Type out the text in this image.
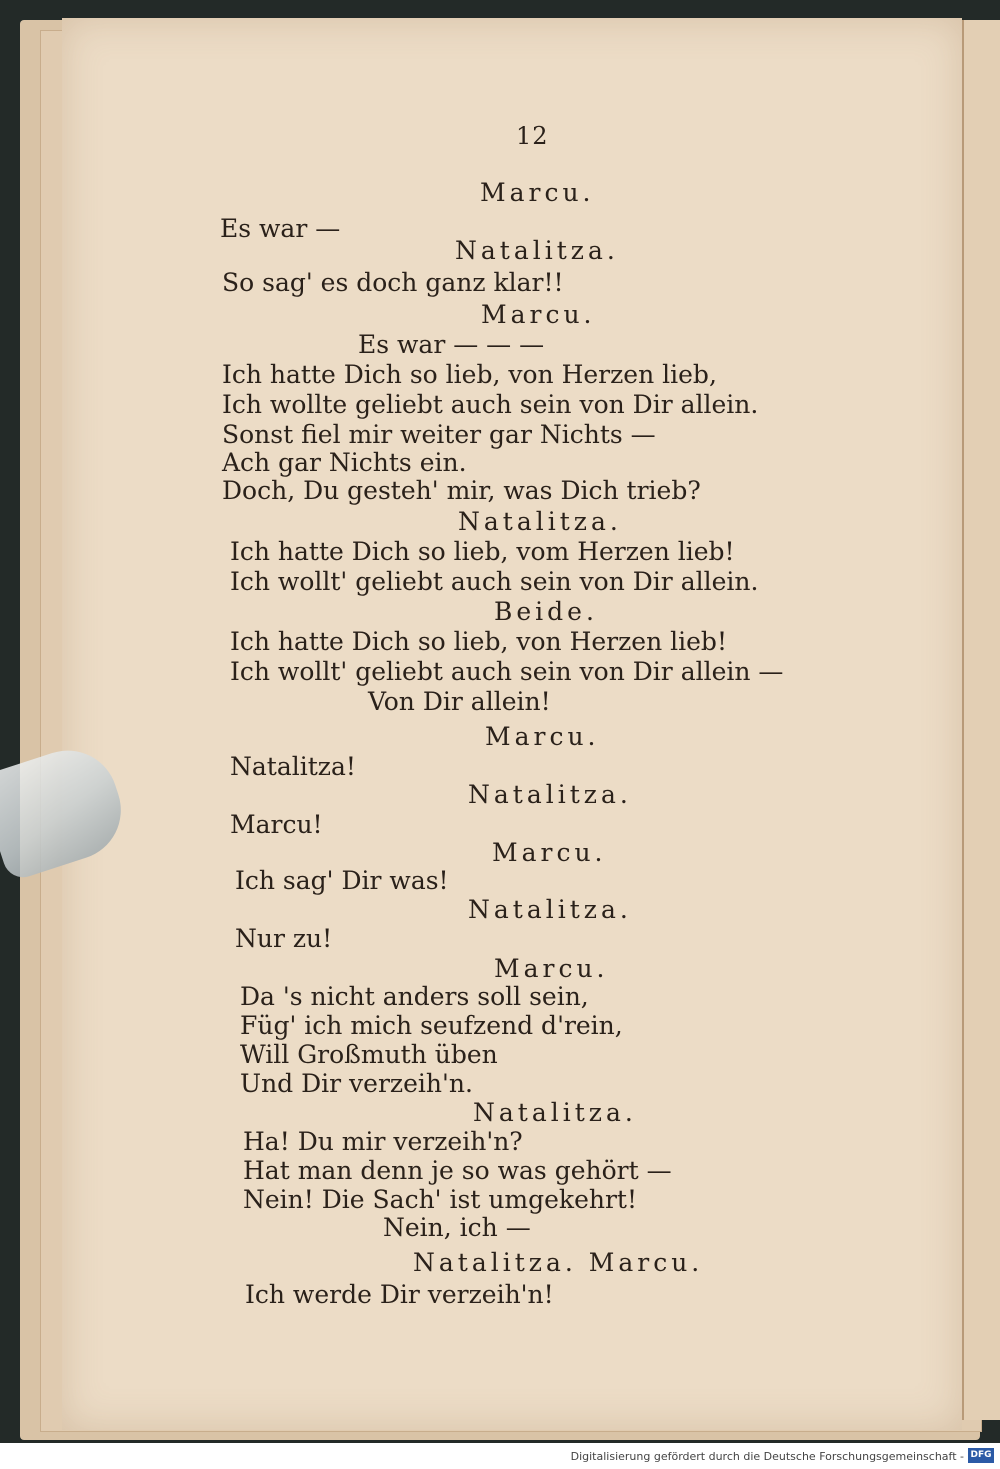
12
Marcu.
Es war —
Natalitza.
So sag' es doch ganz klar!!
Marcu.
Es war — — —
Ich hatte Dich so lieb, von Herzen lieb,
Ich wollte geliebt auch sein von Dir allein.
Sonst fiel mir weiter gar Nichts —
Ach gar Nichts ein.
Doch, Du gesteh' mir, was Dich trieb?
Natalitza.
Ich hatte Dich so lieb, vom Herzen lieb!
Ich wollt' geliebt auch sein von Dir allein.
Beide.
Ich hatte Dich so lieb, von Herzen lieb!
Ich wollt' geliebt auch sein von Dir allein —
Von Dir allein!
Marcu.
Natalitza!
Natalitza.
Marcu!
Marcu.
Ich sag' Dir was!
Natalitza.
Nur zu!
Marcu.
Da 's nicht anders soll sein,
Füg' ich mich seufzend d'rein,
Will Großmuth üben
Und Dir verzeih'n.
Natalitza.
Ha! Du mir verzeih'n?
Hat man denn je so was gehört —
Nein! Die Sach' ist umgekehrt!
Nein, ich —
Natalitza. Marcu.
Ich werde Dir verzeih'n!
Digitalisierung gefördert durch die Deutsche Forschungsgemeinschaft - DFG
